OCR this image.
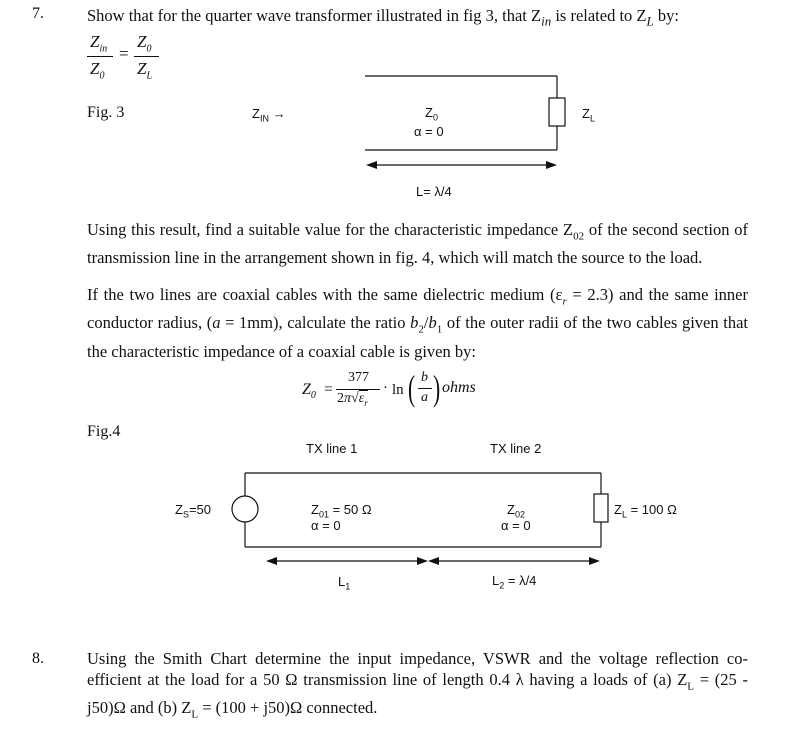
7.	Show that for the quarter wave transformer illustrated in fig 3, that $Z_{in}$ is related to $Z_L$ by:
$Z_{in}$
$Z_0$
=
$Z_0$
$Z_L$
Fig. 3	$Z_{IN}$ →	$Z_0$
α = 0
$Z_L$
L= λ/4
Using this result, find a suitable value for the characteristic impedance $Z_{02}$ of the second section of transmission line in the arrangement shown in fig. 4, which will match the source to the load.
If the two lines are coaxial cables with the same dielectric medium $(\varepsilon_r = 2.3)$ and the same inner conductor radius, (a = 1mm), calculate the ratio $b_2/b_1$ of the outer radii of the two cables given that the characteristic impedance of a coaxial cable is given by:
$Z_0$ =
377
$2\pi√\varepsilon_r$
· ln ( b
a ) ohms
Fig.4
TX line 1	TX line 2
$Z_S=50$	$Z_{01} = 50$ Ω
α = 0
$Z_{02}$
α = 0
$Z_L = 100$ Ω
$L_1$	$L_2 = \lambda/4$
8.	Using the Smith Chart determine the input impedance, VSWR and the voltage reflection co-efficient at the load for a 50 Ω transmission line of length 0.4 λ having a loads of (a) $Z_L = (25 - j50)\Omega$ and (b) $Z_L = (100 + j50)\Omega$ connected.
